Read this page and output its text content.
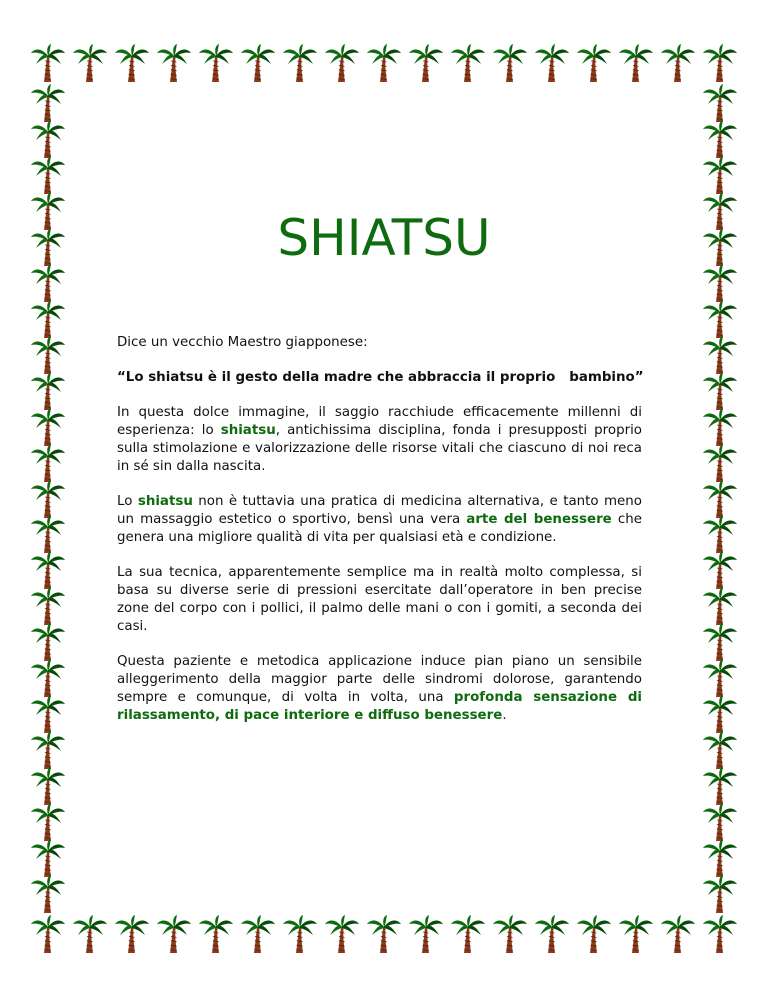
SHIATSU

Dice un vecchio Maestro giapponese:

“Lo shiatsu è il gesto della madre che abbraccia il proprio   bambino”

In questa dolce immagine, il saggio racchiude efficacemente millenni di esperienza: lo shiatsu, antichissima disciplina, fonda i presupposti proprio sulla stimolazione e valorizzazione delle risorse vitali che ciascuno di noi reca in sé sin dalla nascita.

Lo shiatsu non è tuttavia una pratica di medicina alternativa, e tanto meno un massaggio estetico o sportivo, bensì una vera arte del benessere che genera una migliore qualità di vita per qualsiasi età e condizione.

La sua tecnica, apparentemente semplice ma in realtà molto complessa, si basa su diverse serie di pressioni esercitate dall’operatore in ben precise zone del corpo con i pollici, il palmo delle mani o con i gomiti, a seconda dei casi.

Questa paziente e metodica applicazione induce pian piano un sensibile alleggerimento della maggior parte delle sindromi dolorose, garantendo sempre e comunque, di volta in volta, una profonda sensazione di rilassamento, di pace interiore e diffuso benessere.
